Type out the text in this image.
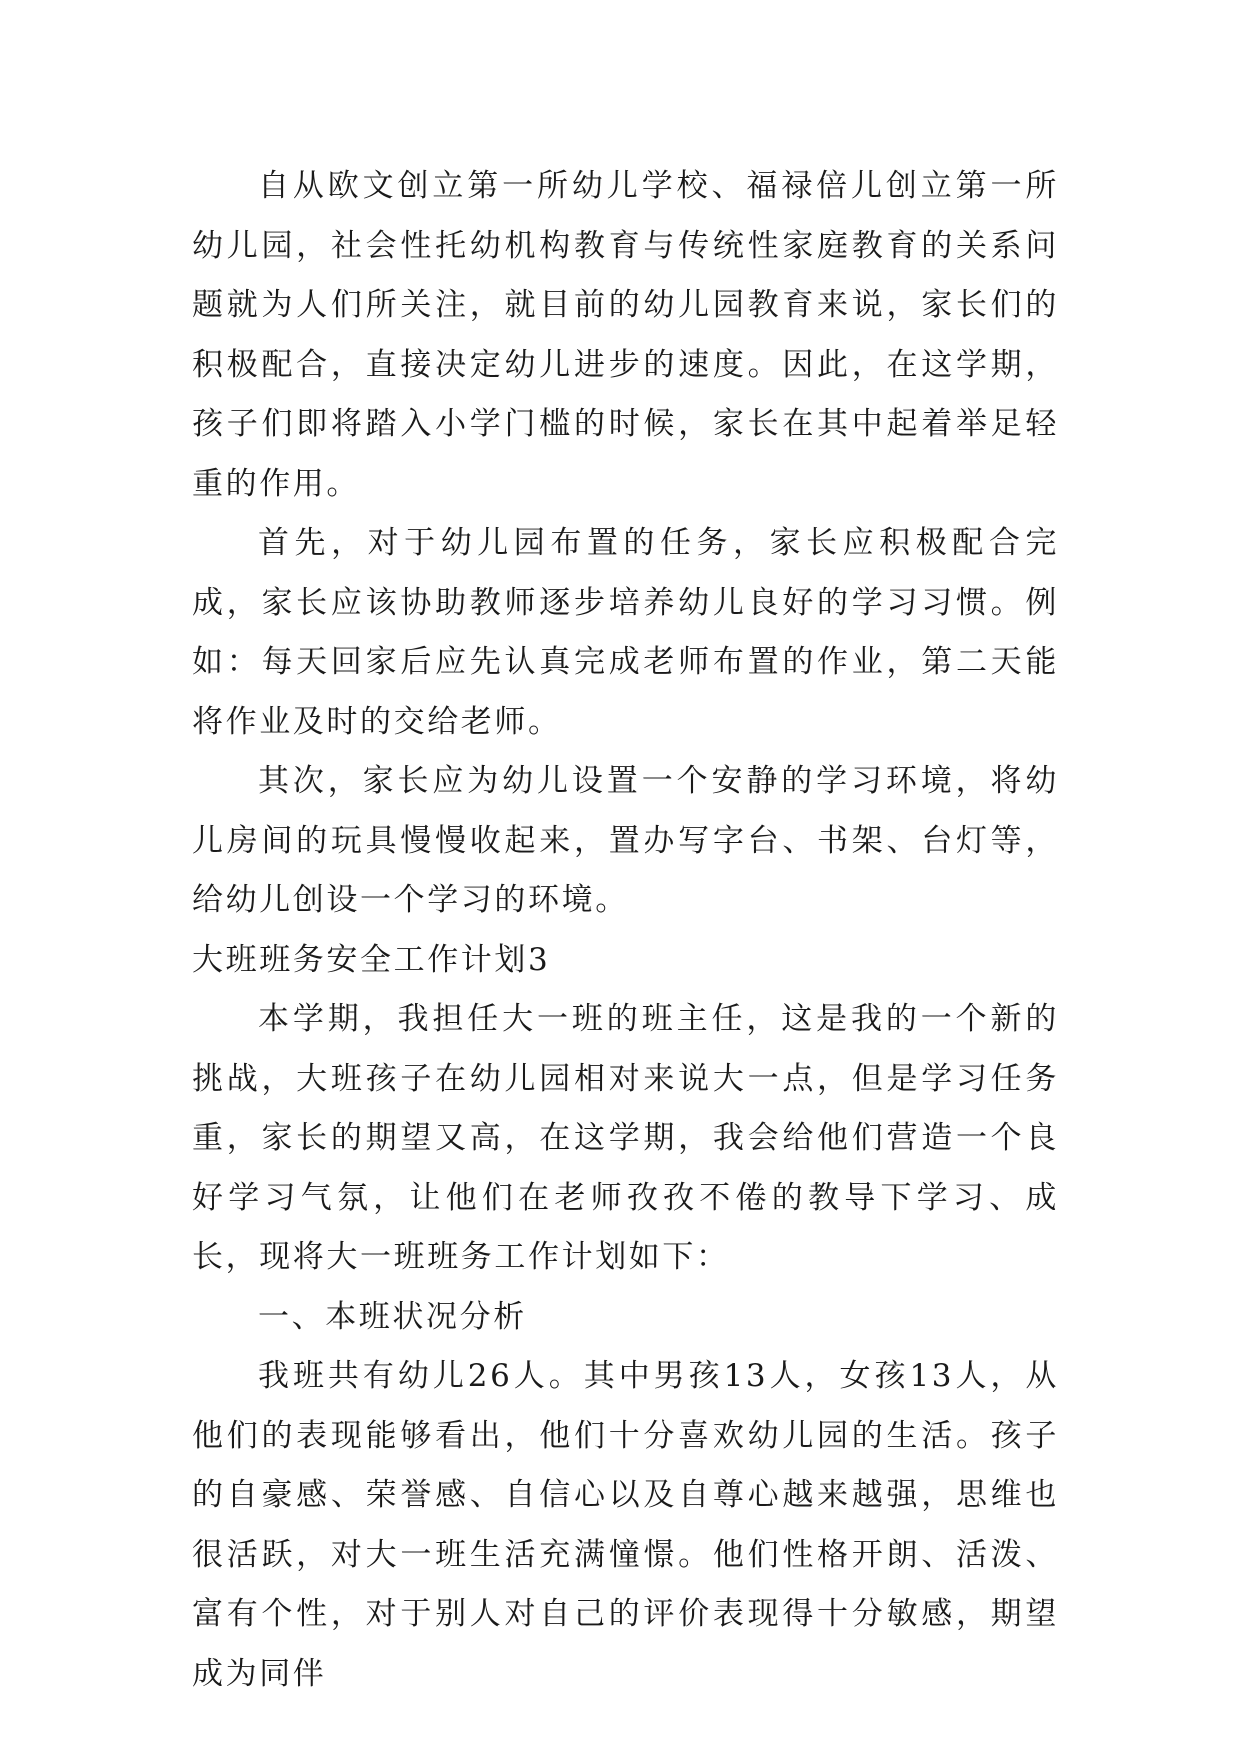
自从欧文创立第一所幼儿学校、福禄倍儿创立第一所幼儿园，社会性托幼机构教育与传统性家庭教育的关系问题就为人们所关注，就目前的幼儿园教育来说，家长们的积极配合，直接决定幼儿进步的速度。因此，在这学期，孩子们即将踏入小学门槛的时候，家长在其中起着举足轻重的作用。

首先，对于幼儿园布置的任务，家长应积极配合完成，家长应该协助教师逐步培养幼儿良好的学习习惯。例如：每天回家后应先认真完成老师布置的作业，第二天能将作业及时的交给老师。

其次，家长应为幼儿设置一个安静的学习环境，将幼儿房间的玩具慢慢收起来，置办写字台、书架、台灯等，给幼儿创设一个学习的环境。

大班班务安全工作计划3

本学期，我担任大一班的班主任，这是我的一个新的挑战，大班孩子在幼儿园相对来说大一点，但是学习任务重，家长的期望又高，在这学期，我会给他们营造一个良好学习气氛，让他们在老师孜孜不倦的教导下学习、成长，现将大一班班务工作计划如下：

一、本班状况分析

我班共有幼儿26人。其中男孩13人，女孩13人，从他们的表现能够看出，他们十分喜欢幼儿园的生活。孩子的自豪感、荣誉感、自信心以及自尊心越来越强，思维也很活跃，对大一班生活充满憧憬。他们性格开朗、活泼、富有个性，对于别人对自己的评价表现得十分敏感，期望成为同伴
